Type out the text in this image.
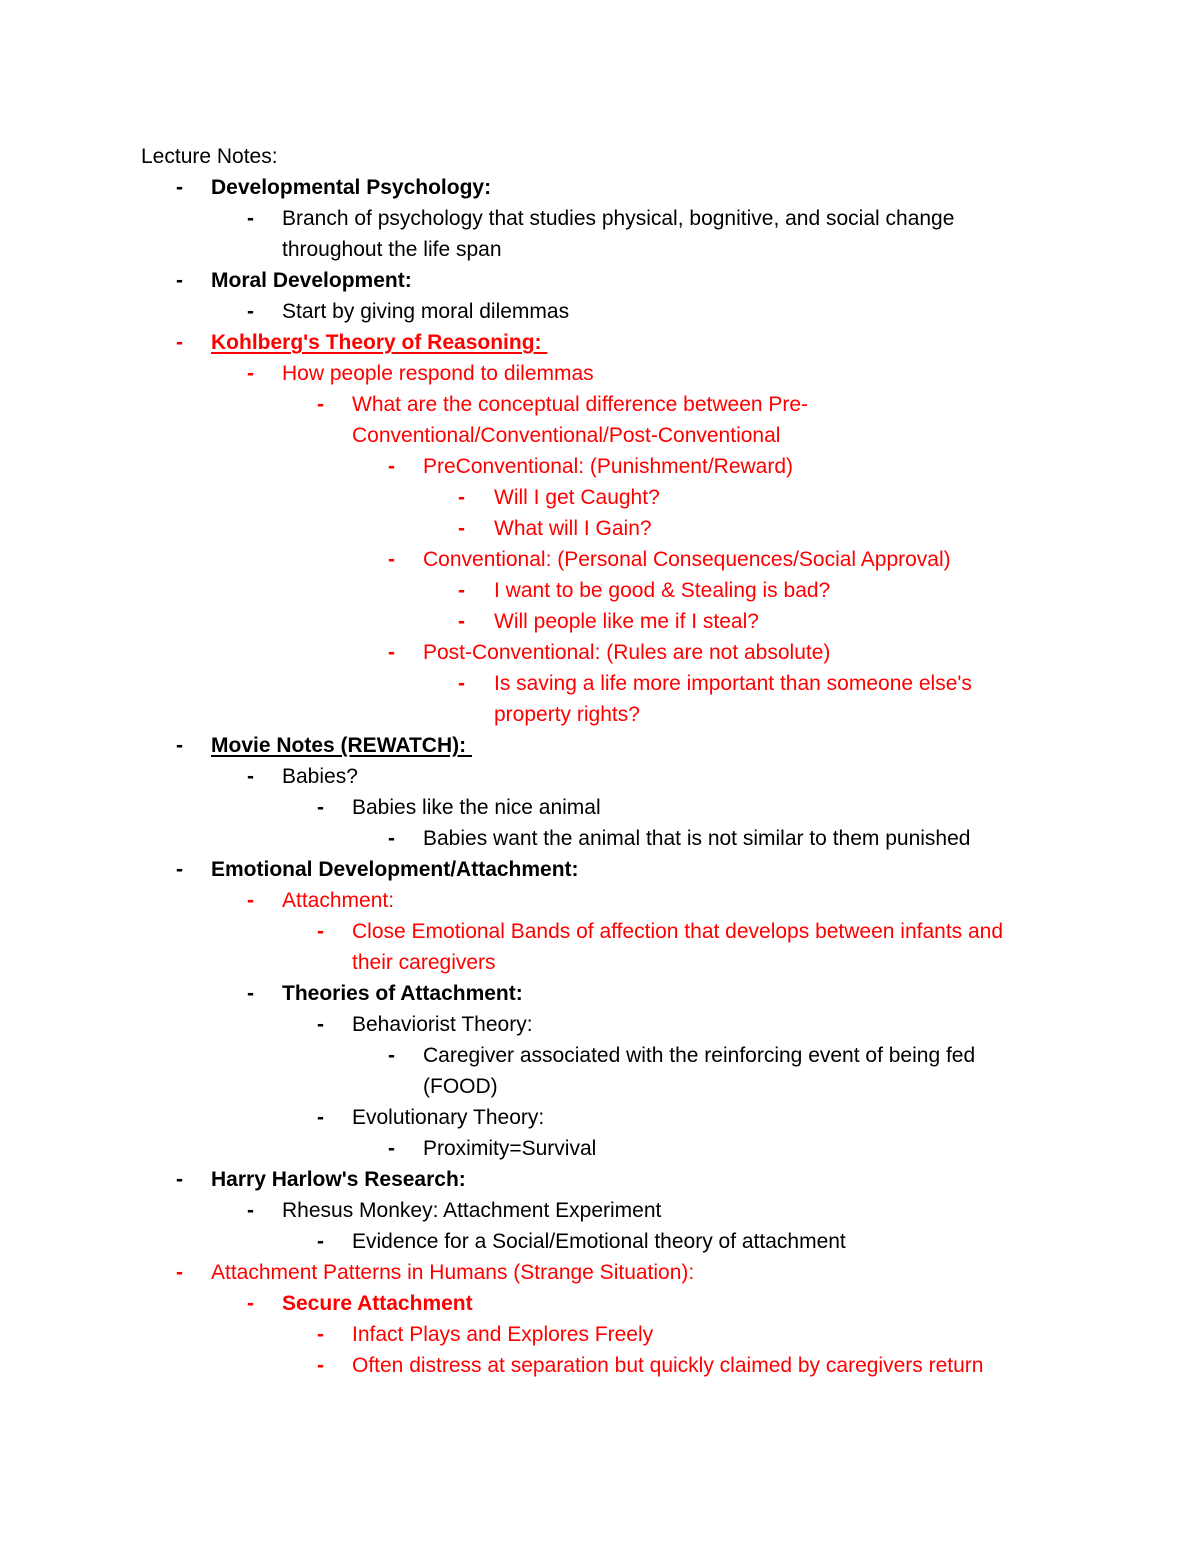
Lecture Notes:
-	Developmental Psychology:
-	Branch of psychology that studies physical, bognitive, and social change throughout the life span
-	Moral Development:
-	Start by giving moral dilemmas
-	Kohlberg's Theory of Reasoning:
-	How people respond to dilemmas
-	What are the conceptual difference between Pre-Conventional/Conventional/Post-Conventional
-	PreConventional: (Punishment/Reward)
-	Will I get Caught?
-	What will I Gain?
-	Conventional: (Personal Consequences/Social Approval)
-	I want to be good & Stealing is bad?
-	Will people like me if I steal?
-	Post-Conventional: (Rules are not absolute)
-	Is saving a life more important than someone else's property rights?
-	Movie Notes (REWATCH):
-	Babies?
-	Babies like the nice animal
-	Babies want the animal that is not similar to them punished
-	Emotional Development/Attachment:
-	Attachment:
-	Close Emotional Bands of affection that develops between infants and their caregivers
-	Theories of Attachment:
-	Behaviorist Theory:
-	Caregiver associated with the reinforcing event of being fed (FOOD)
-	Evolutionary Theory:
-	Proximity=Survival
-	Harry Harlow's Research:
-	Rhesus Monkey: Attachment Experiment
-	Evidence for a Social/Emotional theory of attachment
-	Attachment Patterns in Humans (Strange Situation):
-	Secure Attachment
-	Infact Plays and Explores Freely
-	Often distress at separation but quickly claimed by caregivers return
